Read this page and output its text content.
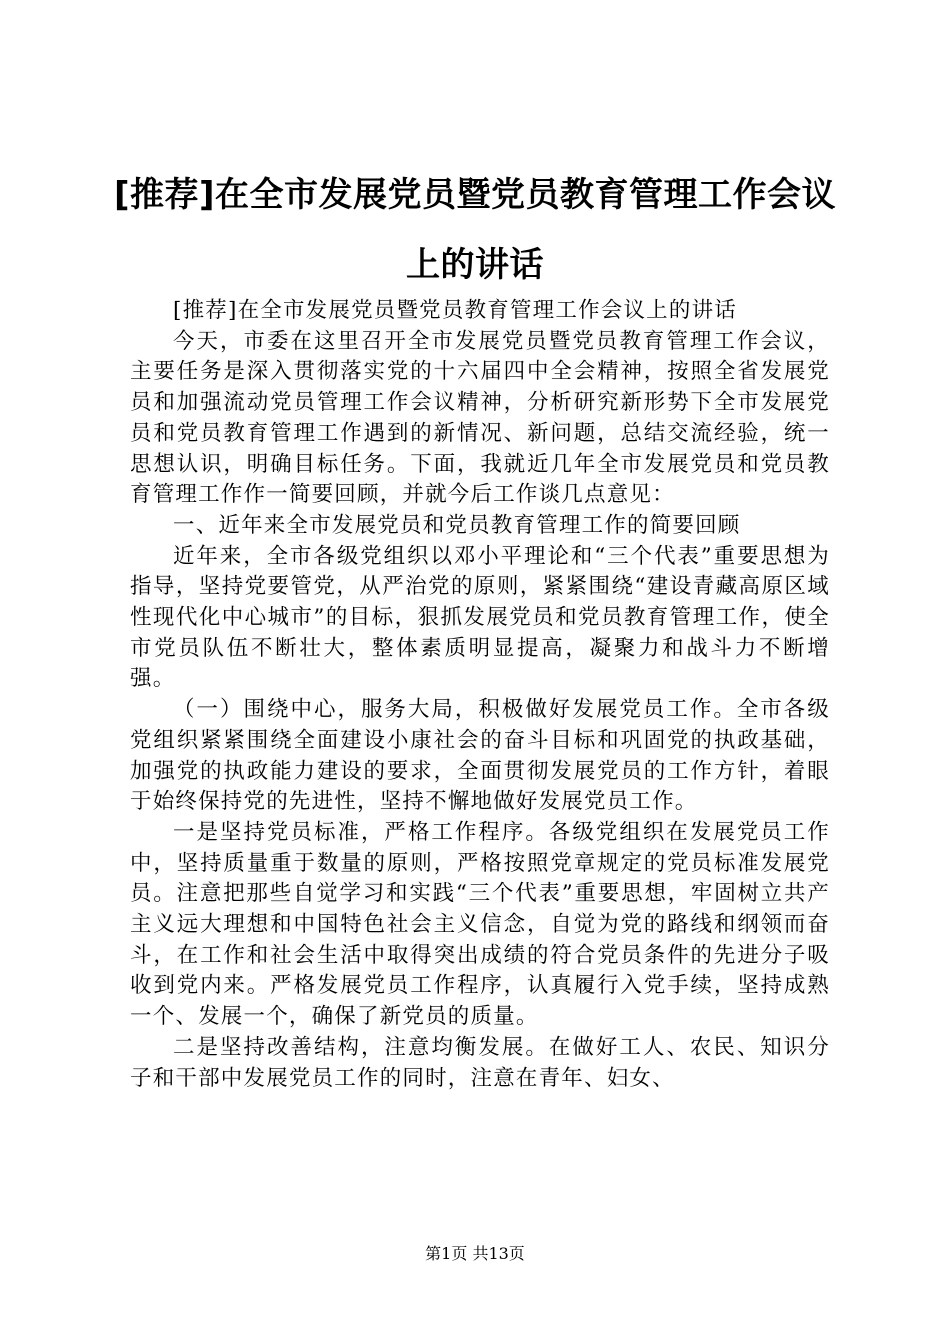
[推荐]在全市发展党员暨党员教育管理工作会议上的讲话

[推荐]在全市发展党员暨党员教育管理工作会议上的讲话

今天，市委在这里召开全市发展党员暨党员教育管理工作会议，主要任务是深入贯彻落实党的十六届四中全会精神，按照全省发展党员和加强流动党员管理工作会议精神，分析研究新形势下全市发展党员和党员教育管理工作遇到的新情况、新问题，总结交流经验，统一思想认识，明确目标任务。下面，我就近几年全市发展党员和党员教育管理工作作一简要回顾，并就今后工作谈几点意见：

一、近年来全市发展党员和党员教育管理工作的简要回顾

近年来，全市各级党组织以邓小平理论和“三个代表”重要思想为指导，坚持党要管党，从严治党的原则，紧紧围绕“建设青藏高原区域性现代化中心城市”的目标，狠抓发展党员和党员教育管理工作，使全市党员队伍不断壮大，整体素质明显提高，凝聚力和战斗力不断增强。

（一）围绕中心，服务大局，积极做好发展党员工作。全市各级党组织紧紧围绕全面建设小康社会的奋斗目标和巩固党的执政基础，加强党的执政能力建设的要求，全面贯彻发展党员的工作方针，着眼于始终保持党的先进性，坚持不懈地做好发展党员工作。

一是坚持党员标准，严格工作程序。各级党组织在发展党员工作中，坚持质量重于数量的原则，严格按照党章规定的党员标准发展党员。注意把那些自觉学习和实践“三个代表”重要思想，牢固树立共产主义远大理想和中国特色社会主义信念，自觉为党的路线和纲领而奋斗，在工作和社会生活中取得突出成绩的符合党员条件的先进分子吸收到党内来。严格发展党员工作程序，认真履行入党手续，坚持成熟一个、发展一个，确保了新党员的质量。

二是坚持改善结构，注意均衡发展。在做好工人、农民、知识分子和干部中发展党员工作的同时，注意在青年、妇女、

第1页 共13页
